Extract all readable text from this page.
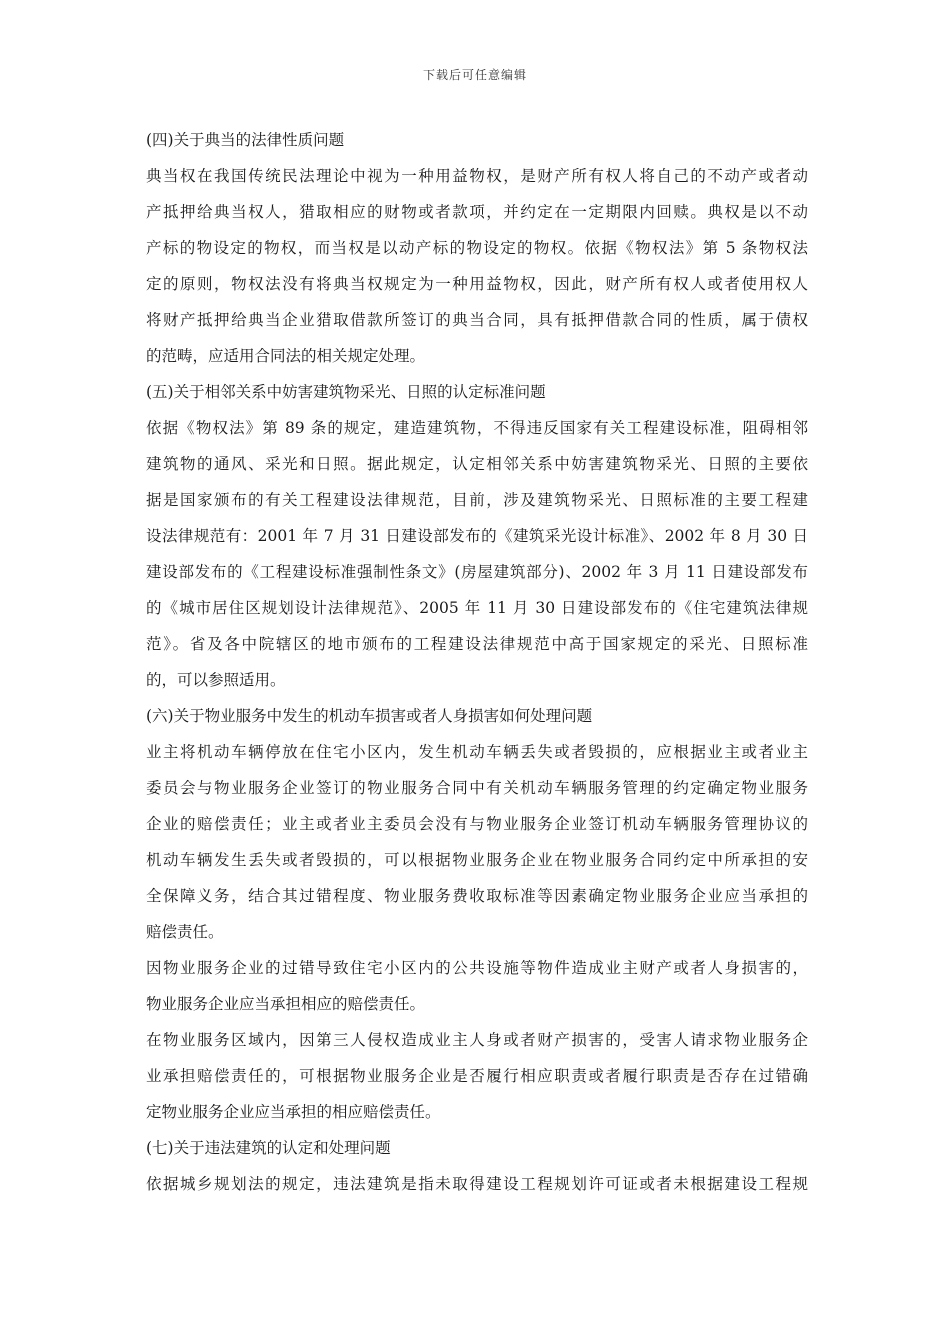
下载后可任意编辑
(四)关于典当的法律性质问题
典当权在我国传统民法理论中视为一种用益物权，是财产所有权人将自己的不动产或者动
产抵押给典当权人，猎取相应的财物或者款项，并约定在一定期限内回赎。典权是以不动
产标的物设定的物权，而当权是以动产标的物设定的物权。依据《物权法》第 5 条物权法
定的原则，物权法没有将典当权规定为一种用益物权，因此，财产所有权人或者使用权人
将财产抵押给典当企业猎取借款所签订的典当合同，具有抵押借款合同的性质，属于债权
的范畴，应适用合同法的相关规定处理。
(五)关于相邻关系中妨害建筑物采光、日照的认定标准问题
依据《物权法》第 89 条的规定，建造建筑物，不得违反国家有关工程建设标准，阻碍相邻
建筑物的通风、采光和日照。据此规定，认定相邻关系中妨害建筑物采光、日照的主要依
据是国家颁布的有关工程建设法律规范，目前，涉及建筑物采光、日照标准的主要工程建
设法律规范有：2001 年 7 月 31 日建设部发布的《建筑采光设计标准》、2002 年 8 月 30 日
建设部发布的《工程建设标准强制性条文》(房屋建筑部分)、2002 年 3 月 11 日建设部发布
的《城市居住区规划设计法律规范》、2005 年 11 月 30 日建设部发布的《住宅建筑法律规
范》。省及各中院辖区的地市颁布的工程建设法律规范中高于国家规定的采光、日照标准
的，可以参照适用。
(六)关于物业服务中发生的机动车损害或者人身损害如何处理问题
业主将机动车辆停放在住宅小区内，发生机动车辆丢失或者毁损的，应根据业主或者业主
委员会与物业服务企业签订的物业服务合同中有关机动车辆服务管理的约定确定物业服务
企业的赔偿责任；业主或者业主委员会没有与物业服务企业签订机动车辆服务管理协议的
机动车辆发生丢失或者毁损的，可以根据物业服务企业在物业服务合同约定中所承担的安
全保障义务，结合其过错程度、物业服务费收取标准等因素确定物业服务企业应当承担的
赔偿责任。
因物业服务企业的过错导致住宅小区内的公共设施等物件造成业主财产或者人身损害的，
物业服务企业应当承担相应的赔偿责任。
在物业服务区域内，因第三人侵权造成业主人身或者财产损害的，受害人请求物业服务企
业承担赔偿责任的，可根据物业服务企业是否履行相应职责或者履行职责是否存在过错确
定物业服务企业应当承担的相应赔偿责任。
(七)关于违法建筑的认定和处理问题
依据城乡规划法的规定，违法建筑是指未取得建设工程规划许可证或者未根据建设工程规
